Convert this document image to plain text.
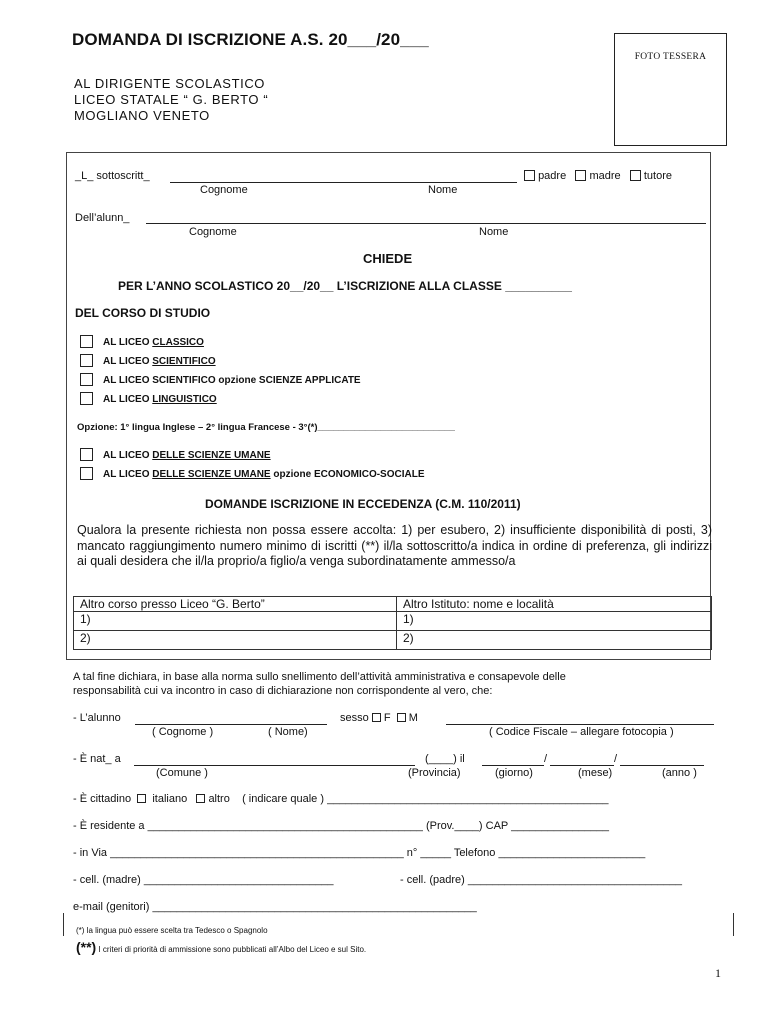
DOMANDA DI ISCRIZIONE A.S. 20___/20___
AL DIRIGENTE SCOLASTICO
LICEO STATALE “ G. BERTO “
MOGLIANO VENETO
FOTO TESSERA
_L_ sottoscritt_	padre madre tutore
Cognome	Nome
Dell’alunn_
Cognome	Nome
CHIEDE
PER L’ANNO SCOLASTICO 20__/20__ L’ISCRIZIONE ALLA CLASSE __________
DEL CORSO DI STUDIO
AL LICEO CLASSICO
AL LICEO SCIENTIFICO
AL LICEO SCIENTIFICO opzione SCIENZE APPLICATE
AL LICEO LINGUISTICO
Opzione: 1° lingua Inglese – 2° lingua Francese - 3°(*)__________________________
AL LICEO DELLE SCIENZE UMANE
AL LICEO DELLE SCIENZE UMANE opzione ECONOMICO-SOCIALE
DOMANDE ISCRIZIONE IN ECCEDENZA (C.M. 110/2011)
Qualora la presente richiesta non possa essere accolta: 1) per esubero, 2) insufficiente disponibilità di posti, 3) mancato raggiungimento numero minimo di iscritti (**) il/la sottoscritto/a indica in ordine di preferenza, gli indirizzi ai quali desidera che il/la proprio/a figlio/a venga subordinatamente ammesso/a
Altro corso presso Liceo “G. Berto”	Altro Istituto: nome e località
1)	1)
2)	2)
A tal fine dichiara, in base alla norma sullo snellimento dell’attività amministrativa e consapevole delle
responsabilità cui va incontro in caso di dichiarazione non corrispondente al vero, che:
- L’alunno	sesso F M
( Cognome )	( Nome)	( Codice Fiscale – allegare fotocopia )
- È nat_ a	(____) il	/	/
(Comune )	(Provincia)	(giorno)	(mese)	(anno )
- È cittadino italiano altro ( indicare quale ) ______________________________________________
- È residente a _____________________________________________ (Prov.____) CAP ________________
- in Via ________________________________________________ n° _____ Telefono ________________________
- cell. (madre) _______________________________	- cell. (padre) ___________________________________
e-mail (genitori) _____________________________________________________
(*) la lingua può essere scelta tra Tedesco o Spagnolo
(**) I criteri di priorità di ammissione sono pubblicati all’Albo del Liceo e sul Sito.
1
